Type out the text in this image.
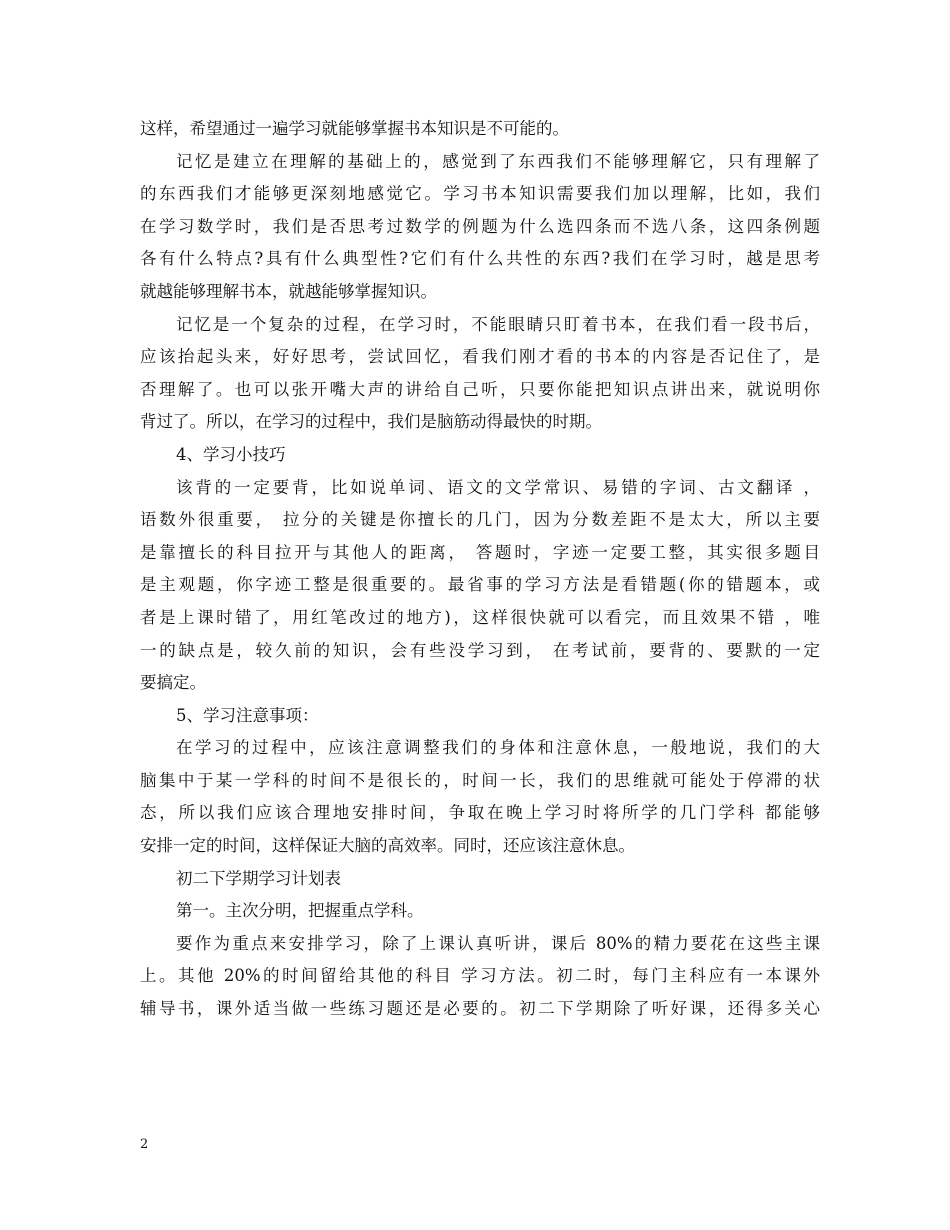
这样，希望通过一遍学习就能够掌握书本知识是不可能的。
记忆是建立在理解的基础上的，感觉到了东西我们不能够理解它，只有理解了
的东西我们才能够更深刻地感觉它。学习书本知识需要我们加以理解，比如，我们
在学习数学时，我们是否思考过数学的例题为什么选四条而不选八条，这四条例题
各有什么特点?具有什么典型性?它们有什么共性的东西?我们在学习时，越是思考
就越能够理解书本，就越能够掌握知识。
记忆是一个复杂的过程，在学习时，不能眼睛只盯着书本，在我们看一段书后，
应该抬起头来，好好思考，尝试回忆，看我们刚才看的书本的内容是否记住了，是
否理解了。也可以张开嘴大声的讲给自己听，只要你能把知识点讲出来，就说明你
背过了。所以，在学习的过程中，我们是脑筋动得最快的时期。
4、学习小技巧
该背的一定要背，比如说单词、语文的文学常识、易错的字词、古文翻译 ，
语数外很重要， 拉分的关键是你擅长的几门，因为分数差距不是太大，所以主要
是靠擅长的科目拉开与其他人的距离， 答题时，字迹一定要工整，其实很多题目
是主观题，你字迹工整是很重要的。最省事的学习方法是看错题(你的错题本，或
者是上课时错了，用红笔改过的地方)，这样很快就可以看完，而且效果不错 ，唯
一的缺点是，较久前的知识，会有些没学习到， 在考试前，要背的、要默的一定
要搞定。
5、学习注意事项：
在学习的过程中，应该注意调整我们的身体和注意休息，一般地说，我们的大
脑集中于某一学科的时间不是很长的，时间一长，我们的思维就可能处于停滞的状
态，所以我们应该合理地安排时间，争取在晚上学习时将所学的几门学科 都能够
安排一定的时间，这样保证大脑的高效率。同时，还应该注意休息。
初二下学期学习计划表
第一。主次分明，把握重点学科。
要作为重点来安排学习，除了上课认真听讲，课后 80%的精力要花在这些主课
上。其他 20%的时间留给其他的科目 学习方法。初二时，每门主科应有一本课外
辅导书，课外适当做一些练习题还是必要的。初二下学期除了听好课，还得多关心
2
